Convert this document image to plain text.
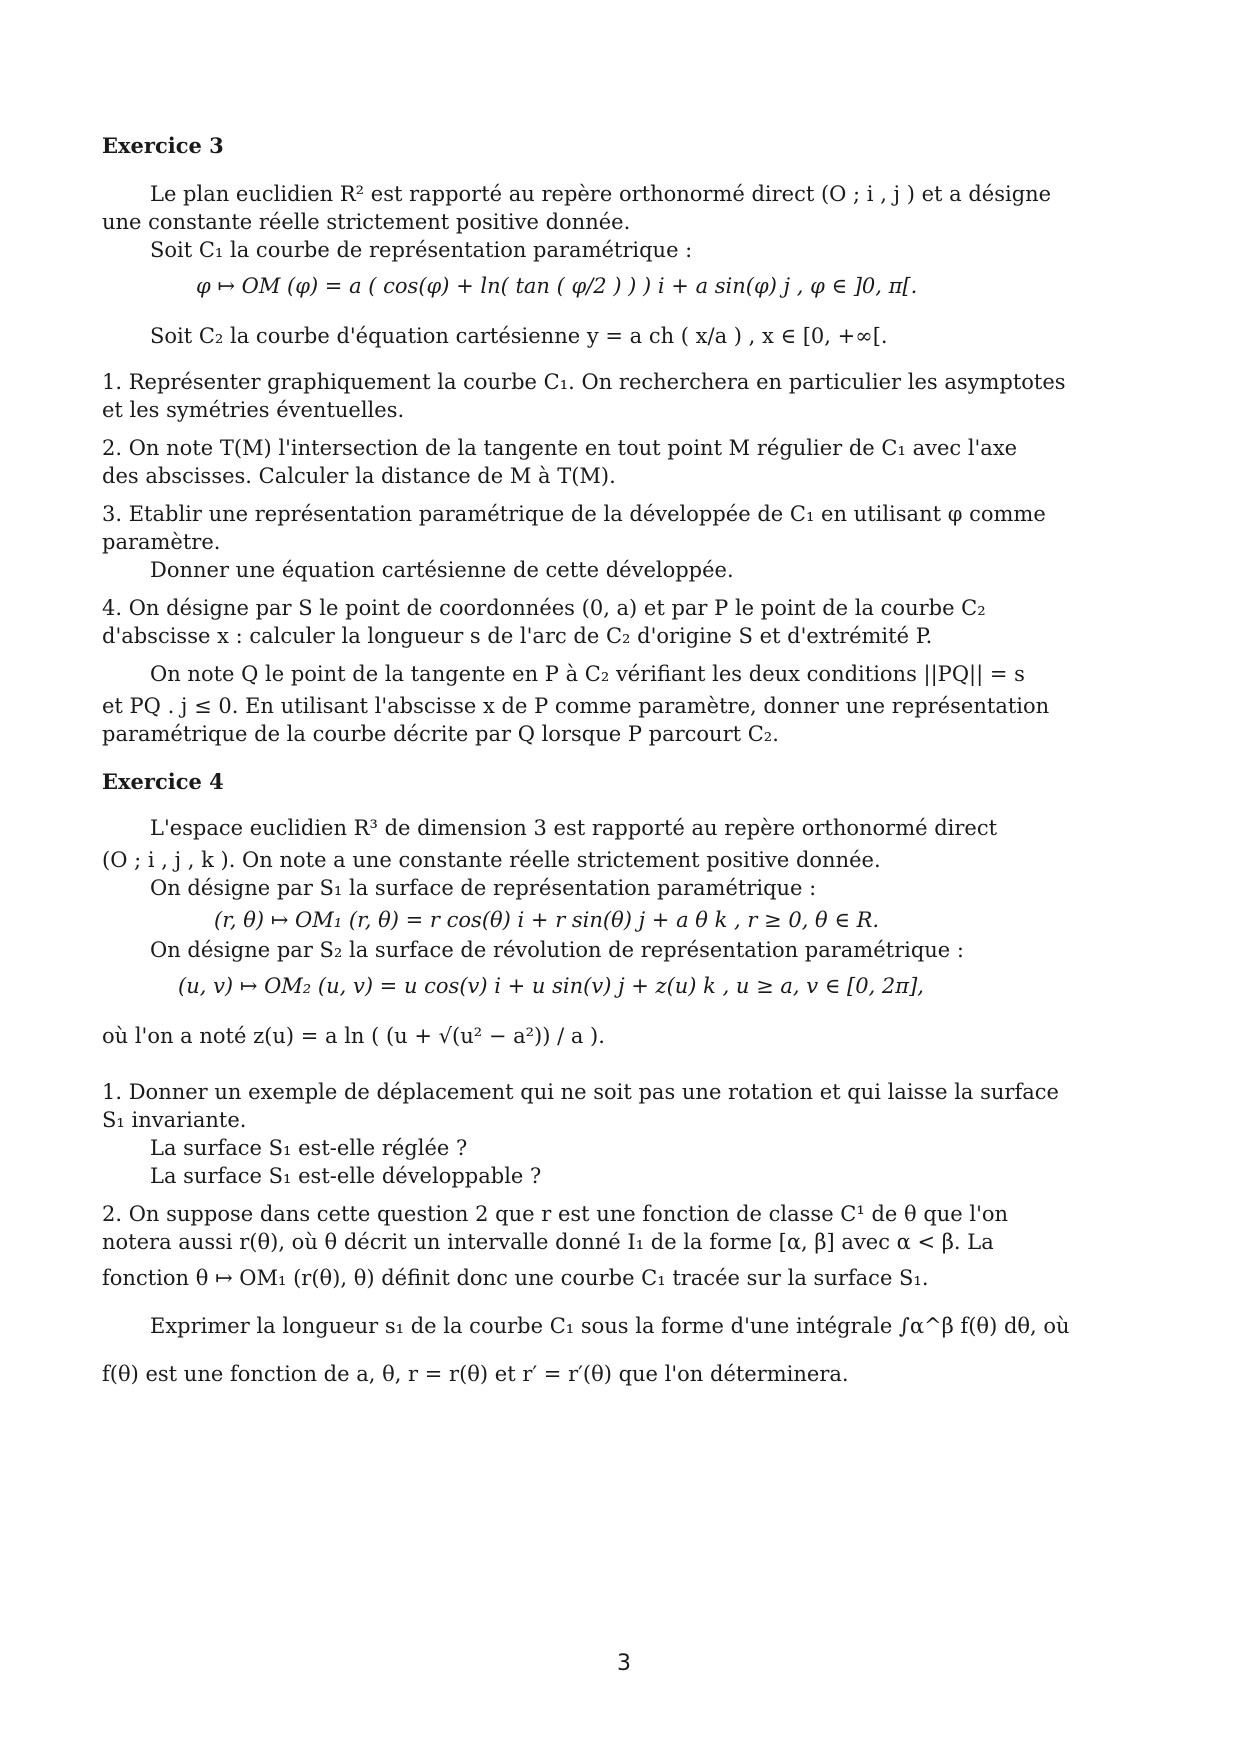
Exercice 3
Le plan euclidien R² est rapporté au repère orthonormé direct (O ; i , j ) et a désigne
une constante réelle strictement positive donnée.
Soit C₁ la courbe de représentation paramétrique :
φ ↦ OM (φ) = a ( cos(φ) + ln( tan ( φ/2 ) ) ) i + a sin(φ) j , φ ∈ ]0, π[.
Soit C₂ la courbe d'équation cartésienne y = a ch ( x/a ) , x ∈ [0, +∞[.
1. Représenter graphiquement la courbe C₁. On recherchera en particulier les asymptotes
et les symétries éventuelles.
2. On note T(M) l'intersection de la tangente en tout point M régulier de C₁ avec l'axe
des abscisses. Calculer la distance de M à T(M).
3. Etablir une représentation paramétrique de la développée de C₁ en utilisant φ comme
paramètre.
Donner une équation cartésienne de cette développée.
4. On désigne par S le point de coordonnées (0, a) et par P le point de la courbe C₂
d'abscisse x : calculer la longueur s de l'arc de C₂ d'origine S et d'extrémité P.
On note Q le point de la tangente en P à C₂ vérifiant les deux conditions ||PQ|| = s
et PQ . j ≤ 0. En utilisant l'abscisse x de P comme paramètre, donner une représentation
paramétrique de la courbe décrite par Q lorsque P parcourt C₂.
Exercice 4
L'espace euclidien R³ de dimension 3 est rapporté au repère orthonormé direct
(O ; i , j , k ). On note a une constante réelle strictement positive donnée.
On désigne par S₁ la surface de représentation paramétrique :
(r, θ) ↦ OM₁ (r, θ) = r cos(θ) i + r sin(θ) j + a θ k , r ≥ 0, θ ∈ R.
On désigne par S₂ la surface de révolution de représentation paramétrique :
(u, v) ↦ OM₂ (u, v) = u cos(v) i + u sin(v) j + z(u) k , u ≥ a, v ∈ [0, 2π],
où l'on a noté z(u) = a ln ( (u + √(u² − a²)) / a ).
1. Donner un exemple de déplacement qui ne soit pas une rotation et qui laisse la surface
S₁ invariante.
La surface S₁ est-elle réglée ?
La surface S₁ est-elle développable ?
2. On suppose dans cette question 2 que r est une fonction de classe C¹ de θ que l'on
notera aussi r(θ), où θ décrit un intervalle donné I₁ de la forme [α, β] avec α < β. La
fonction θ ↦ OM₁ (r(θ), θ) définit donc une courbe C₁ tracée sur la surface S₁.
Exprimer la longueur s₁ de la courbe C₁ sous la forme d'une intégrale ∫α^β f(θ) dθ, où
f(θ) est une fonction de a, θ, r = r(θ) et r′ = r′(θ) que l'on déterminera.
3
